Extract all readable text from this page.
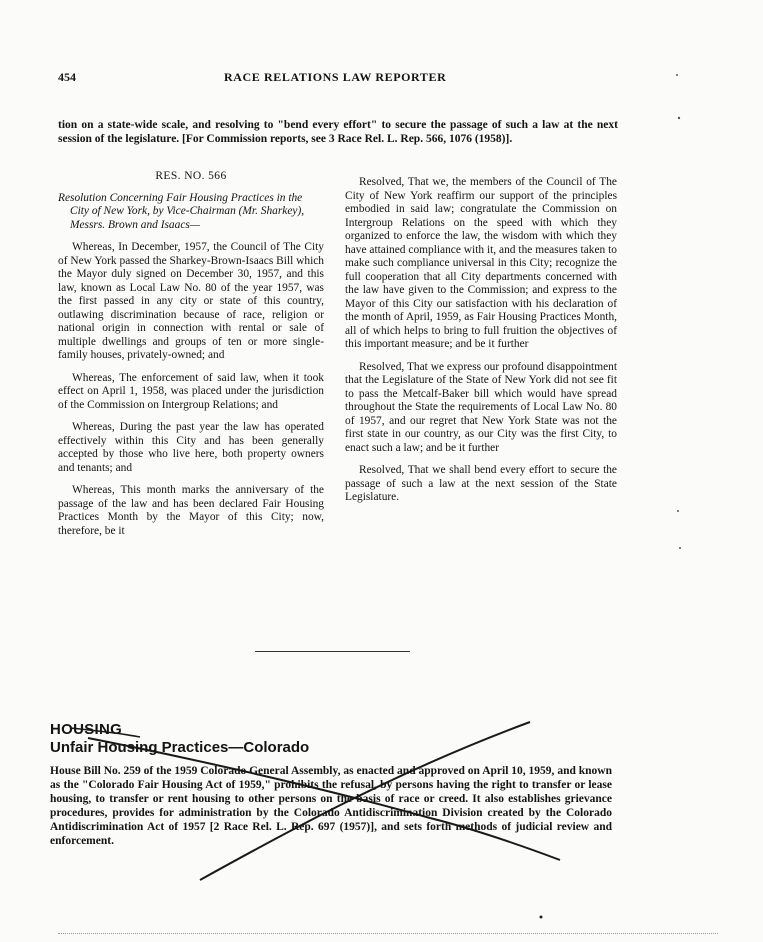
454	RACE RELATIONS LAW REPORTER
tion on a state-wide scale, and resolving to "bend every effort" to secure the passage of such a law at the next session of the legislature. [For Commission reports, see 3 Race Rel. L. Rep. 566, 1076 (1958)].
RES. NO. 566
Resolution Concerning Fair Housing Practices in the City of New York, by Vice-Chairman (Mr. Sharkey), Messrs. Brown and Isaacs—

Whereas, In December, 1957, the Council of The City of New York passed the Sharkey-Brown-Isaacs Bill which the Mayor duly signed on December 30, 1957, and this law, known as Local Law No. 80 of the year 1957, was the first passed in any city or state of this country, outlawing discrimination because of race, religion or national origin in connection with rental or sale of multiple dwellings and groups of ten or more single-family houses, privately-owned; and

Whereas, The enforcement of said law, when it took effect on April 1, 1958, was placed under the jurisdiction of the Commission on Intergroup Relations; and

Whereas, During the past year the law has operated effectively within this City and has been generally accepted by those who live here, both property owners and tenants; and

Whereas, This month marks the anniversary of the passage of the law and has been declared Fair Housing Practices Month by the Mayor of this City; now, therefore, be it

Resolved, That we, the members of the Council of The City of New York reaffirm our support of the principles embodied in said law; congratulate the Commission on Intergroup Relations on the speed with which they organized to enforce the law, the wisdom with which they have attained compliance with it, and the measures taken to make such compliance universal in this City; recognize the full cooperation that all City departments concerned with the law have given to the Commission; and express to the Mayor of this City our satisfaction with his declaration of the month of April, 1959, as Fair Housing Practices Month, all of which helps to bring to full fruition the objectives of this important measure; and be it further

Resolved, That we express our profound disappointment that the Legislature of the State of New York did not see fit to pass the Metcalf-Baker bill which would have spread throughout the State the requirements of Local Law No. 80 of 1957, and our regret that New York State was not the first state in our country, as our City was the first City, to enact such a law; and be it further

Resolved, That we shall bend every effort to secure the passage of such a law at the next session of the State Legislature.

HOUSING
Unfair Housing Practices—Colorado
House Bill No. 259 of the 1959 Colorado General Assembly, as enacted and approved on April 10, 1959, and known as the "Colorado Fair Housing Act of 1959," prohibits the refusal, by persons having the right to transfer or lease housing, to transfer or rent housing to other persons on the basis of race or creed. It also establishes grievance procedures, provides for administration by the Colorado Antidiscrimination Division created by the Colorado Antidiscrimination Act of 1957 [2 Race Rel. L. Rep. 697 (1957)], and sets forth methods of judicial review and enforcement.
